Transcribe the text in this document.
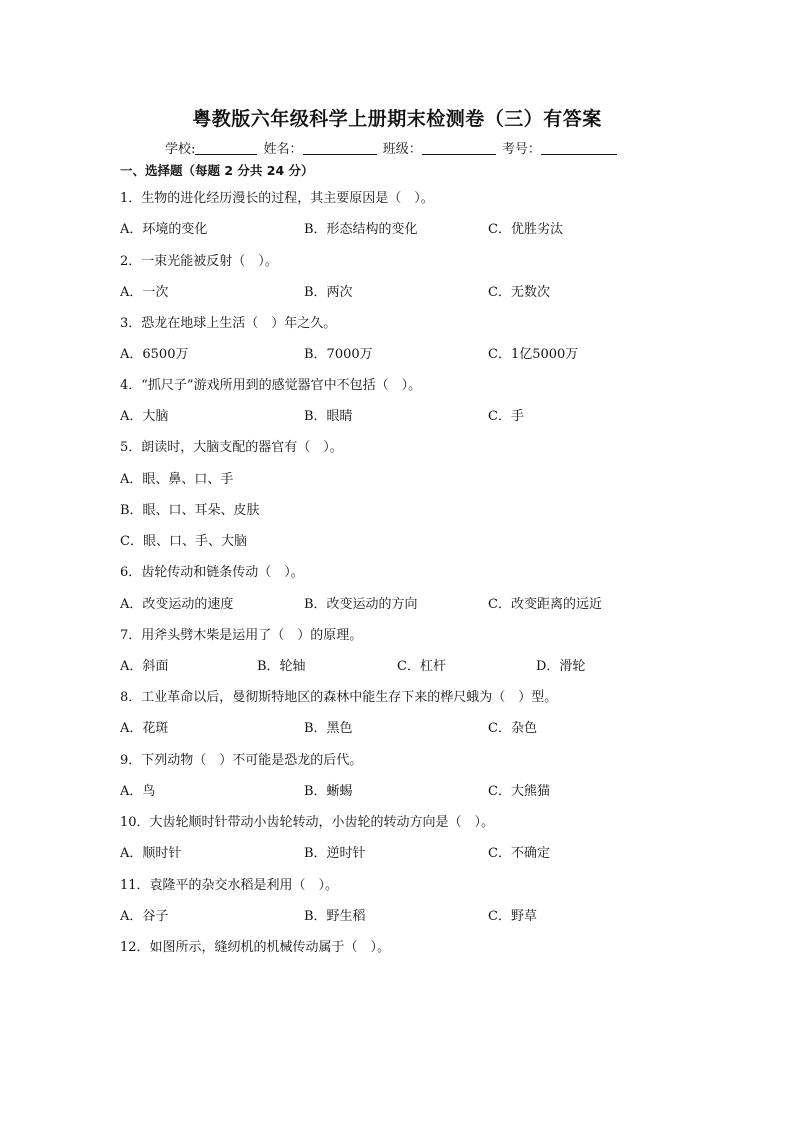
粤教版六年级科学上册期末检测卷（三）有答案
学校:	姓名：	班级：	考号：
一、选择题（每题 2 分共 24 分）
1．生物的进化经历漫长的过程，其主要原因是（　）。
A．环境的变化	B．形态结构的变化	C．优胜劣汰
2．一束光能被反射（　）。
A．一次	B．两次	C．无数次
3．恐龙在地球上生活（　）年之久。
A．6500万	B．7000万	C．1亿5000万
4．“抓尺子”游戏所用到的感觉器官中不包括（　）。
A．大脑	B．眼睛	C．手
5．朗读时，大脑支配的器官有（　）。
A．眼、鼻、口、手
B．眼、口、耳朵、皮肤
C．眼、口、手、大脑
6．齿轮传动和链条传动（　）。
A．改变运动的速度	B．改变运动的方向	C．改变距离的远近
7．用斧头劈木柴是运用了（　）的原理。
A．斜面	B．轮轴	C．杠杆	D．滑轮
8．工业革命以后，曼彻斯特地区的森林中能生存下来的桦尺蛾为（　）型。
A．花斑	B．黑色	C．杂色
9．下列动物（　）不可能是恐龙的后代。
A．鸟	B．蜥蜴	C．大熊猫
10．大齿轮顺时针带动小齿轮转动，小齿轮的转动方向是（　）。
A．顺时针	B．逆时针	C．不确定
11．袁隆平的杂交水稻是利用（　）。
A．谷子	B．野生稻	C．野草
12．如图所示，缝纫机的机械传动属于（　）。
